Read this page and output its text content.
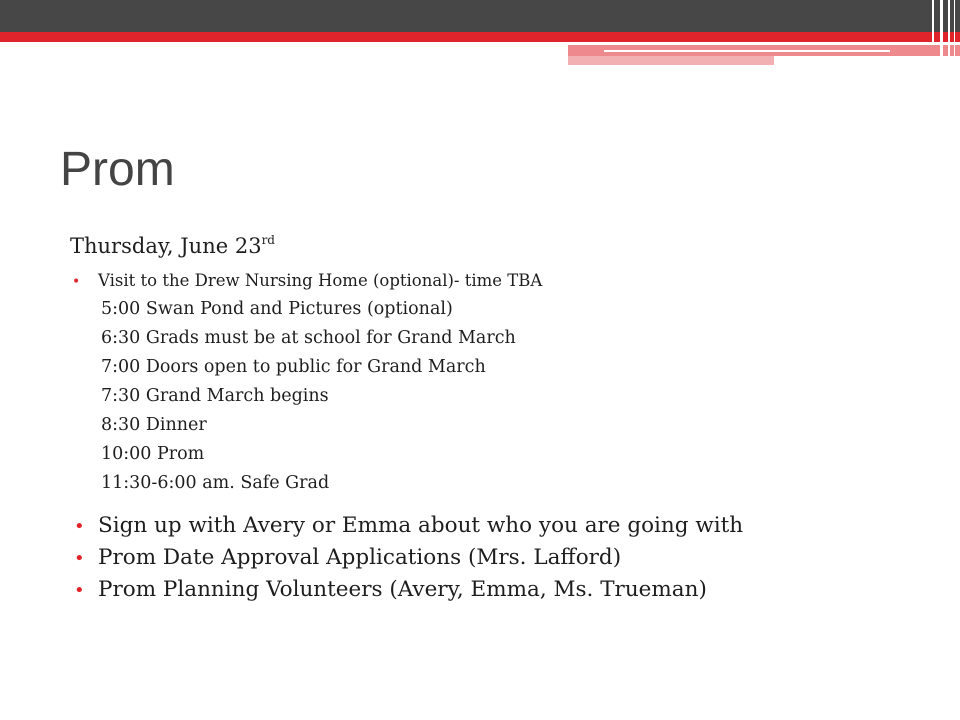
Prom
Thursday, June 23rd
•	Visit to the Drew Nursing Home (optional)- time TBA
5:00 Swan Pond and Pictures (optional)
6:30 Grads must be at school for Grand March
7:00 Doors open to public for Grand March
7:30 Grand March begins
8:30 Dinner
10:00 Prom
11:30-6:00 am. Safe Grad
• Sign up with Avery or Emma about who you are going with
• Prom Date Approval Applications (Mrs. Lafford)
• Prom Planning Volunteers (Avery, Emma, Ms. Trueman)
